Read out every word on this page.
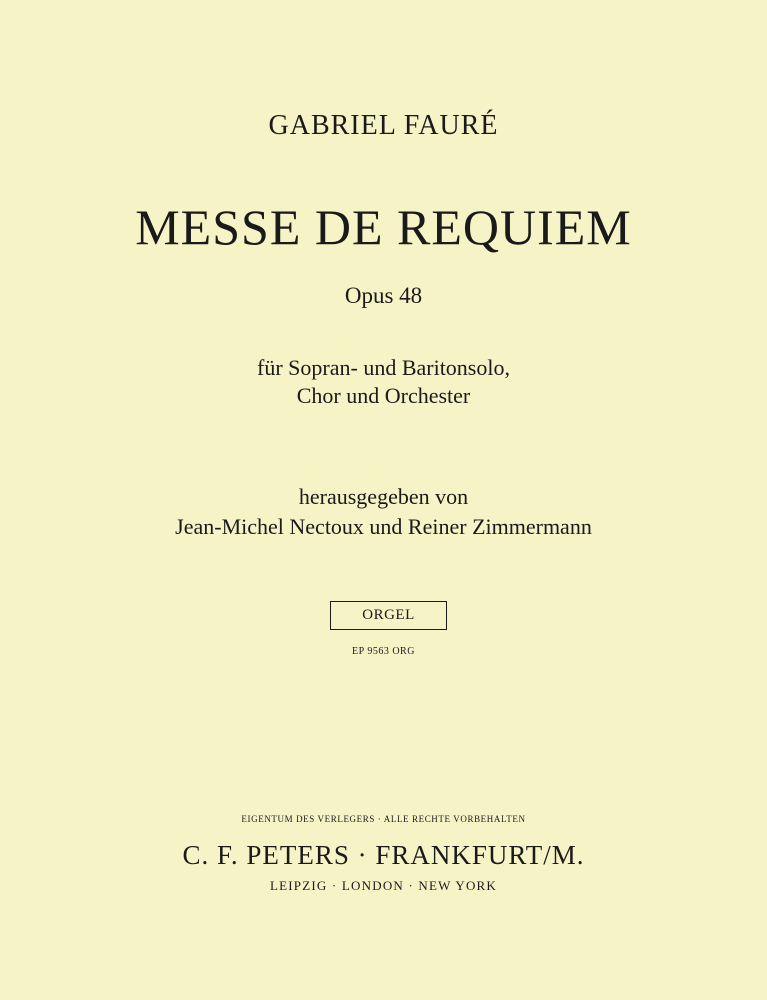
GABRIEL FAURÉ
MESSE DE REQUIEM
Opus 48
für Sopran- und Baritonsolo,
Chor und Orchester
herausgegeben von
Jean-Michel Nectoux und Reiner Zimmermann
ORGEL
EP 9563 ORG
EIGENTUM DES VERLEGERS · ALLE RECHTE VORBEHALTEN
C. F. PETERS · FRANKFURT/M.
LEIPZIG · LONDON · NEW YORK
